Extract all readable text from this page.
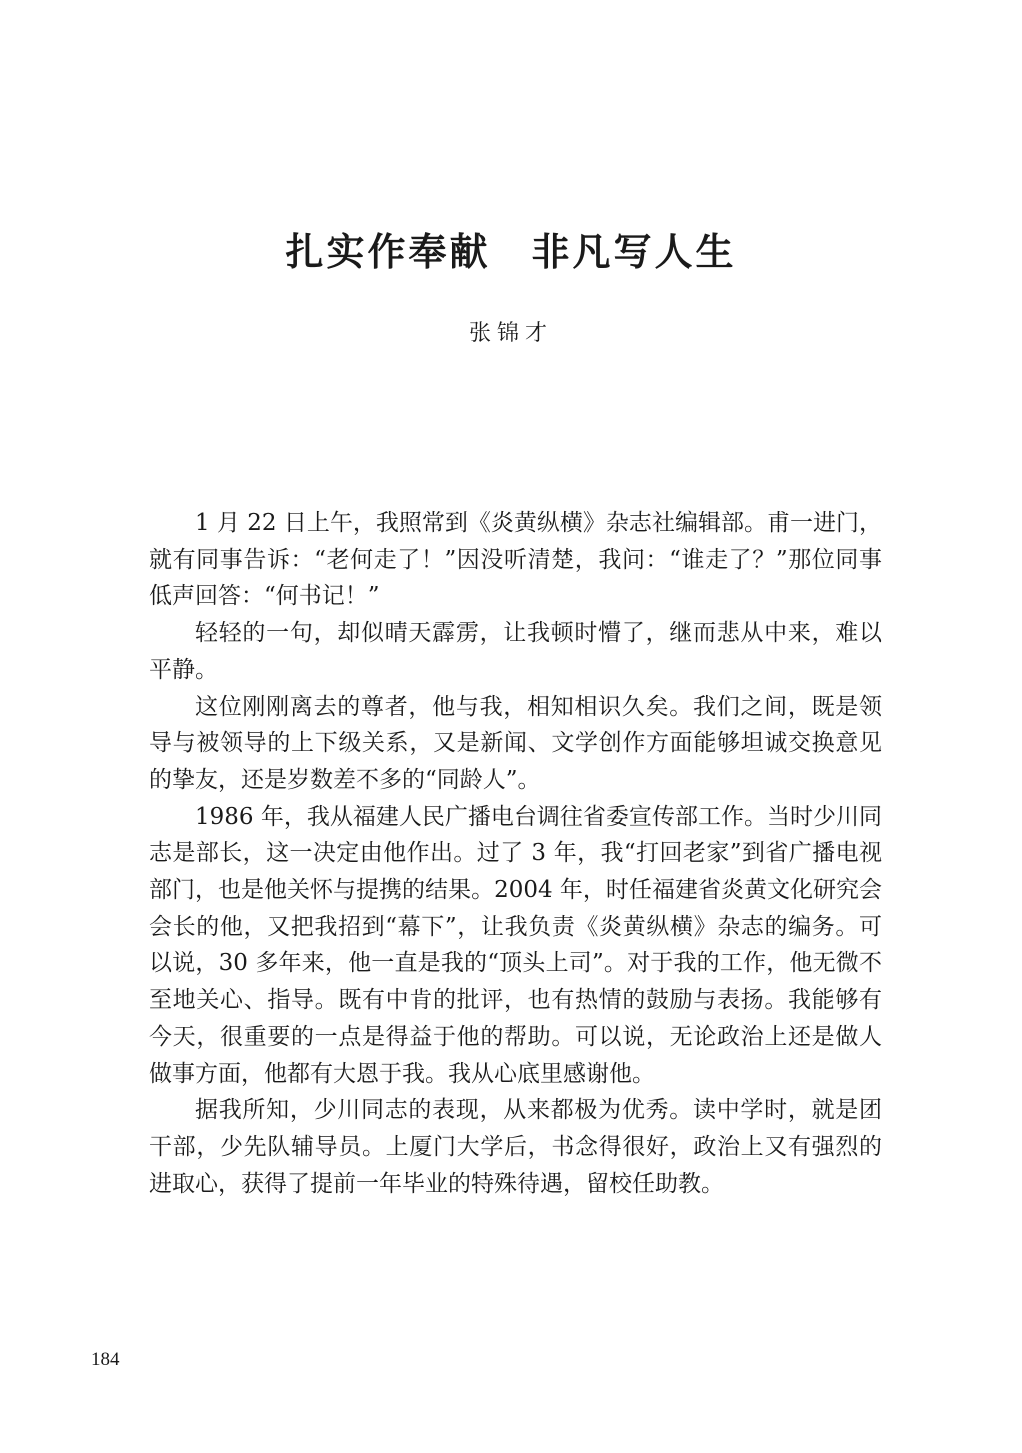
扎实作奉献　非凡写人生
张锦才

1 月 22 日上午，我照常到《炎黄纵横》杂志社编辑部。甫一进门，就有同事告诉：“老何走了！”因没听清楚，我问：“谁走了？”那位同事低声回答：“何书记！”

轻轻的一句，却似晴天霹雳，让我顿时懵了，继而悲从中来，难以平静。

这位刚刚离去的尊者，他与我，相知相识久矣。我们之间，既是领导与被领导的上下级关系，又是新闻、文学创作方面能够坦诚交换意见的挚友，还是岁数差不多的“同龄人”。

1986 年，我从福建人民广播电台调往省委宣传部工作。当时少川同志是部长，这一决定由他作出。过了 3 年，我“打回老家”到省广播电视部门，也是他关怀与提携的结果。2004 年，时任福建省炎黄文化研究会会长的他，又把我招到“幕下”，让我负责《炎黄纵横》杂志的编务。可以说，30 多年来，他一直是我的“顶头上司”。对于我的工作，他无微不至地关心、指导。既有中肯的批评，也有热情的鼓励与表扬。我能够有今天，很重要的一点是得益于他的帮助。可以说，无论政治上还是做人做事方面，他都有大恩于我。我从心底里感谢他。

据我所知，少川同志的表现，从来都极为优秀。读中学时，就是团干部，少先队辅导员。上厦门大学后，书念得很好，政治上又有强烈的进取心，获得了提前一年毕业的特殊待遇，留校任助教。

184
